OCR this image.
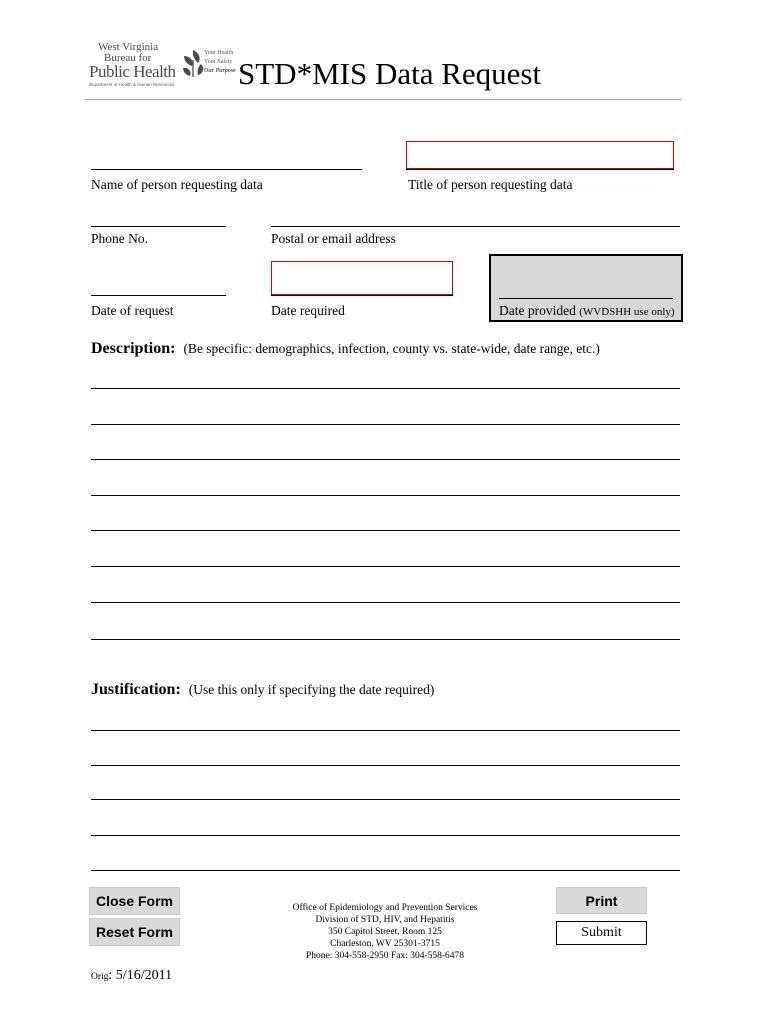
West Virginia
Bureau for
Public Health
Department of Health & Human Resources
Your Health
Your Safety
Our Purpose STD*MIS Data Request
Name of person requesting data	Title of person requesting data
Phone No.	Postal or email address
Date of request	Date required	Date provided (WVDSHH use only)
Description: (Be specific: demographics, infection, county vs. state-wide, date range, etc.)
Justification: (Use this only if specifying the date required)
Close Form
Reset Form
Print
Submit
Office of Epidemiology and Prevention Services
Division of STD, HIV, and Hepatitis
350 Capitol Street, Room 125
Charleston, WV 25301-3715
Phone: 304-558-2950 Fax: 304-558-6478
Orig: 5/16/2011
